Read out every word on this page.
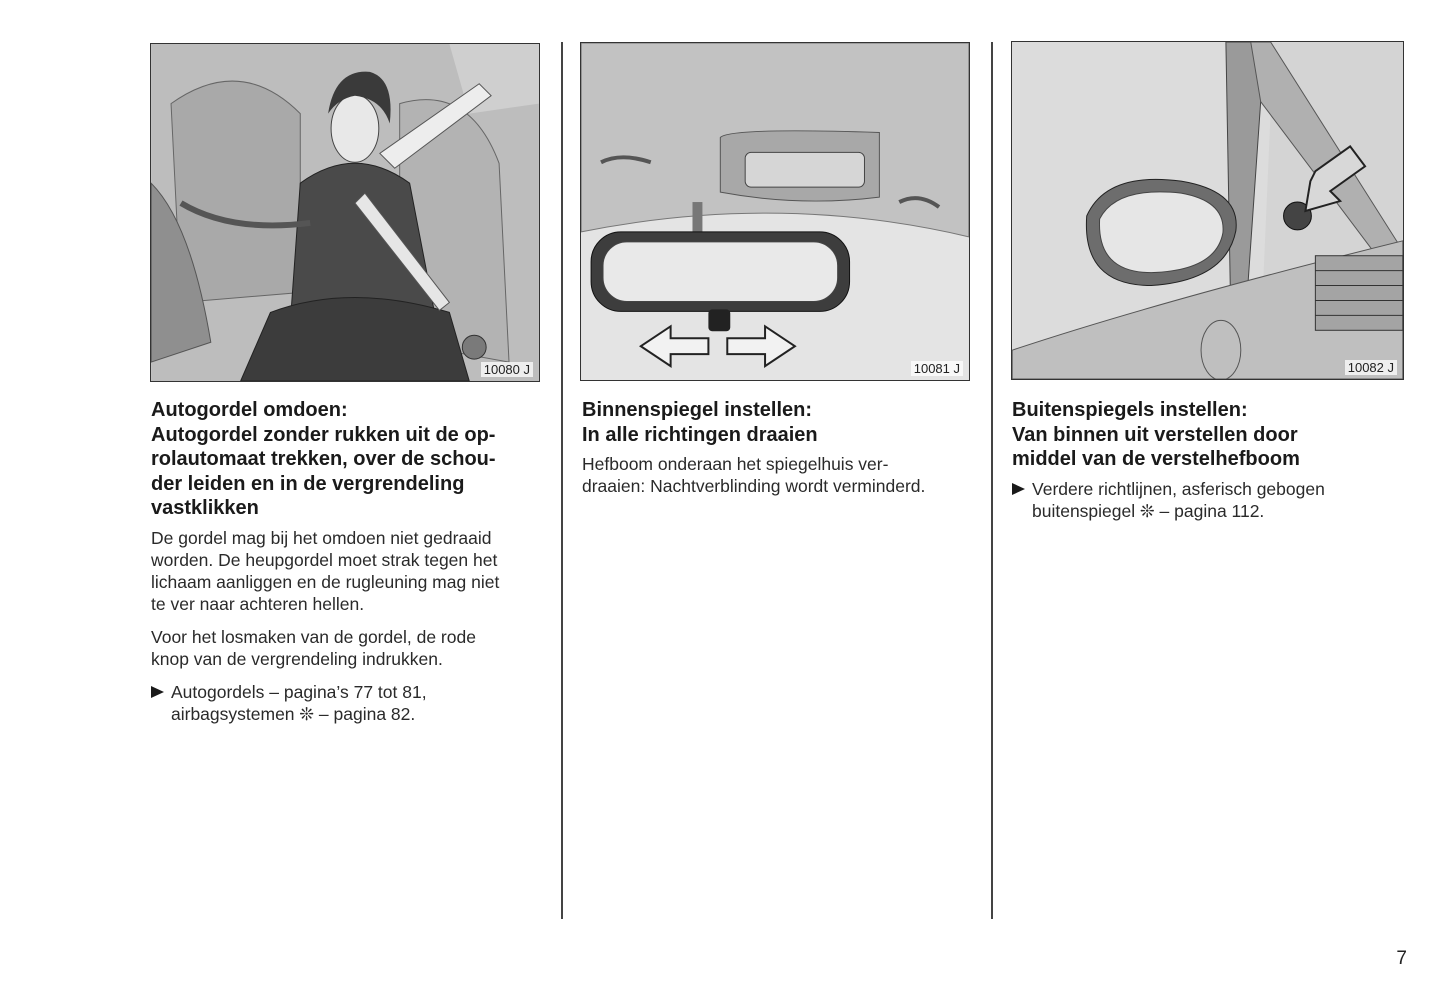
10080 J	10081 J	10082 J
Autogordel omdoen:
Autogordel zonder rukken uit de op-
rolautomaat trekken, over de schou-
der leiden en in de vergrendeling
vastklikken

De gordel mag bij het omdoen niet gedraaid
worden. De heupgordel moet strak tegen het
lichaam aanliggen en de rugleuning mag niet
te ver naar achteren hellen.

Voor het losmaken van de gordel, de rode
knop van de vergrendeling indrukken.

Autogordels – pagina’s 77 tot 81,
airbagsystemen ❊ – pagina 82.

Binnenspiegel instellen:
In alle richtingen draaien

Hefboom onderaan het spiegelhuis ver-
draaien: Nachtverblinding wordt verminderd.

Buitenspiegels instellen:
Van binnen uit verstellen door
middel van de verstelhefboom

Verdere richtlijnen, asferisch gebogen
buitenspiegel ❊ – pagina 112.

7
